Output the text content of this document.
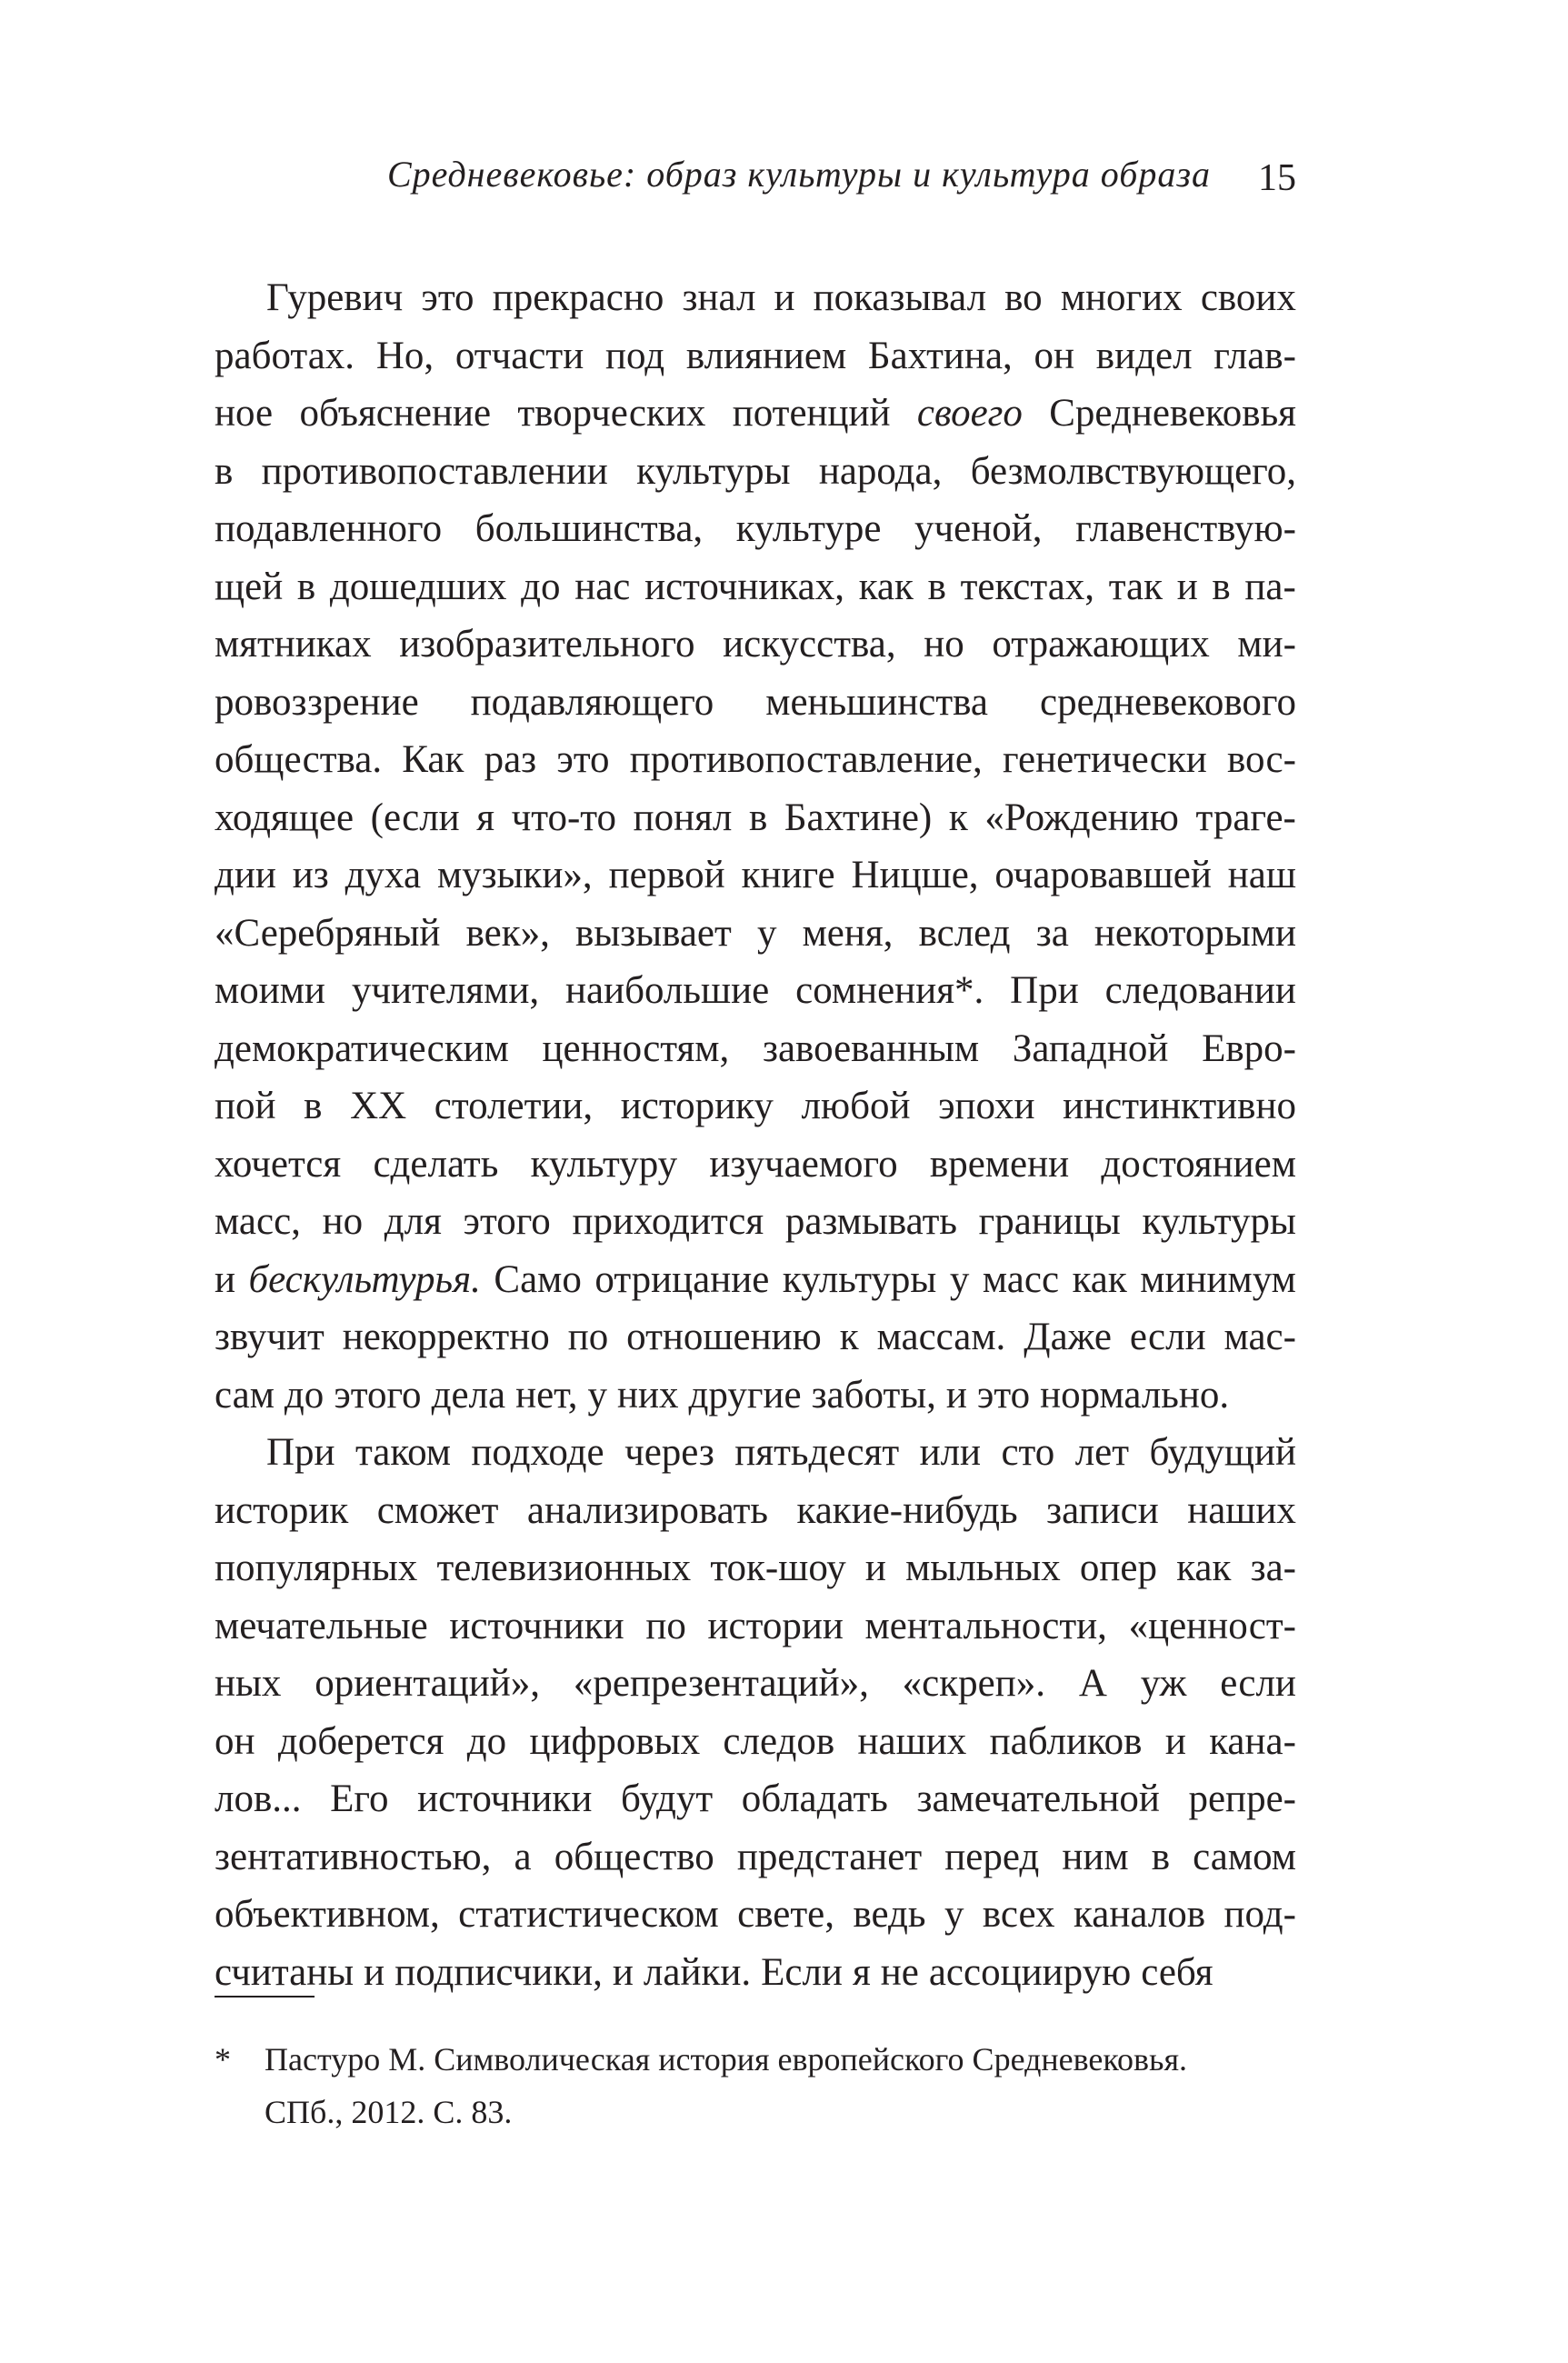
Средневековье: образ культуры и культура образа 15
Гуревич это прекрасно знал и показывал во многих своих
работах. Но, отчасти под влиянием Бахтина, он видел глав-
ное объяснение творческих потенций своего Средневековья
в противопоставлении культуры народа, безмолвствующего,
подавленного большинства, культуре ученой, главенствую-
щей в дошедших до нас источниках, как в текстах, так и в па-
мятниках изобразительного искусства, но отражающих ми-
ровоззрение подавляющего меньшинства средневекового
общества. Как раз это противопоставление, генетически вос-
ходящее (если я что-то понял в Бахтине) к «Рождению траге-
дии из духа музыки», первой книге Ницше, очаровавшей наш
«Серебряный век», вызывает у меня, вслед за некоторыми
моими учителями, наибольшие сомнения*. При следовании
демократическим ценностям, завоеванным Западной Евро-
пой в XX столетии, историку любой эпохи инстинктивно
хочется сделать культуру изучаемого времени достоянием
масс, но для этого приходится размывать границы культуры
и бескультурья. Само отрицание культуры у масс как минимум
звучит некорректно по отношению к массам. Даже если мас-
сам до этого дела нет, у них другие заботы, и это нормально.
При таком подходе через пятьдесят или сто лет будущий
историк сможет анализировать какие-нибудь записи наших
популярных телевизионных ток-шоу и мыльных опер как за-
мечательные источники по истории ментальности, «ценност-
ных ориентаций», «репрезентаций», «скреп». А уж если
он доберется до цифровых следов наших пабликов и кана-
лов... Его источники будут обладать замечательной репре-
зентативностью, а общество предстанет перед ним в самом
объективном, статистическом свете, ведь у всех каналов под-
считаны и подписчики, и лайки. Если я не ассоциирую себя
* Пастуро М. Символическая история европейского Средневековья.
СПб., 2012. С. 83.
